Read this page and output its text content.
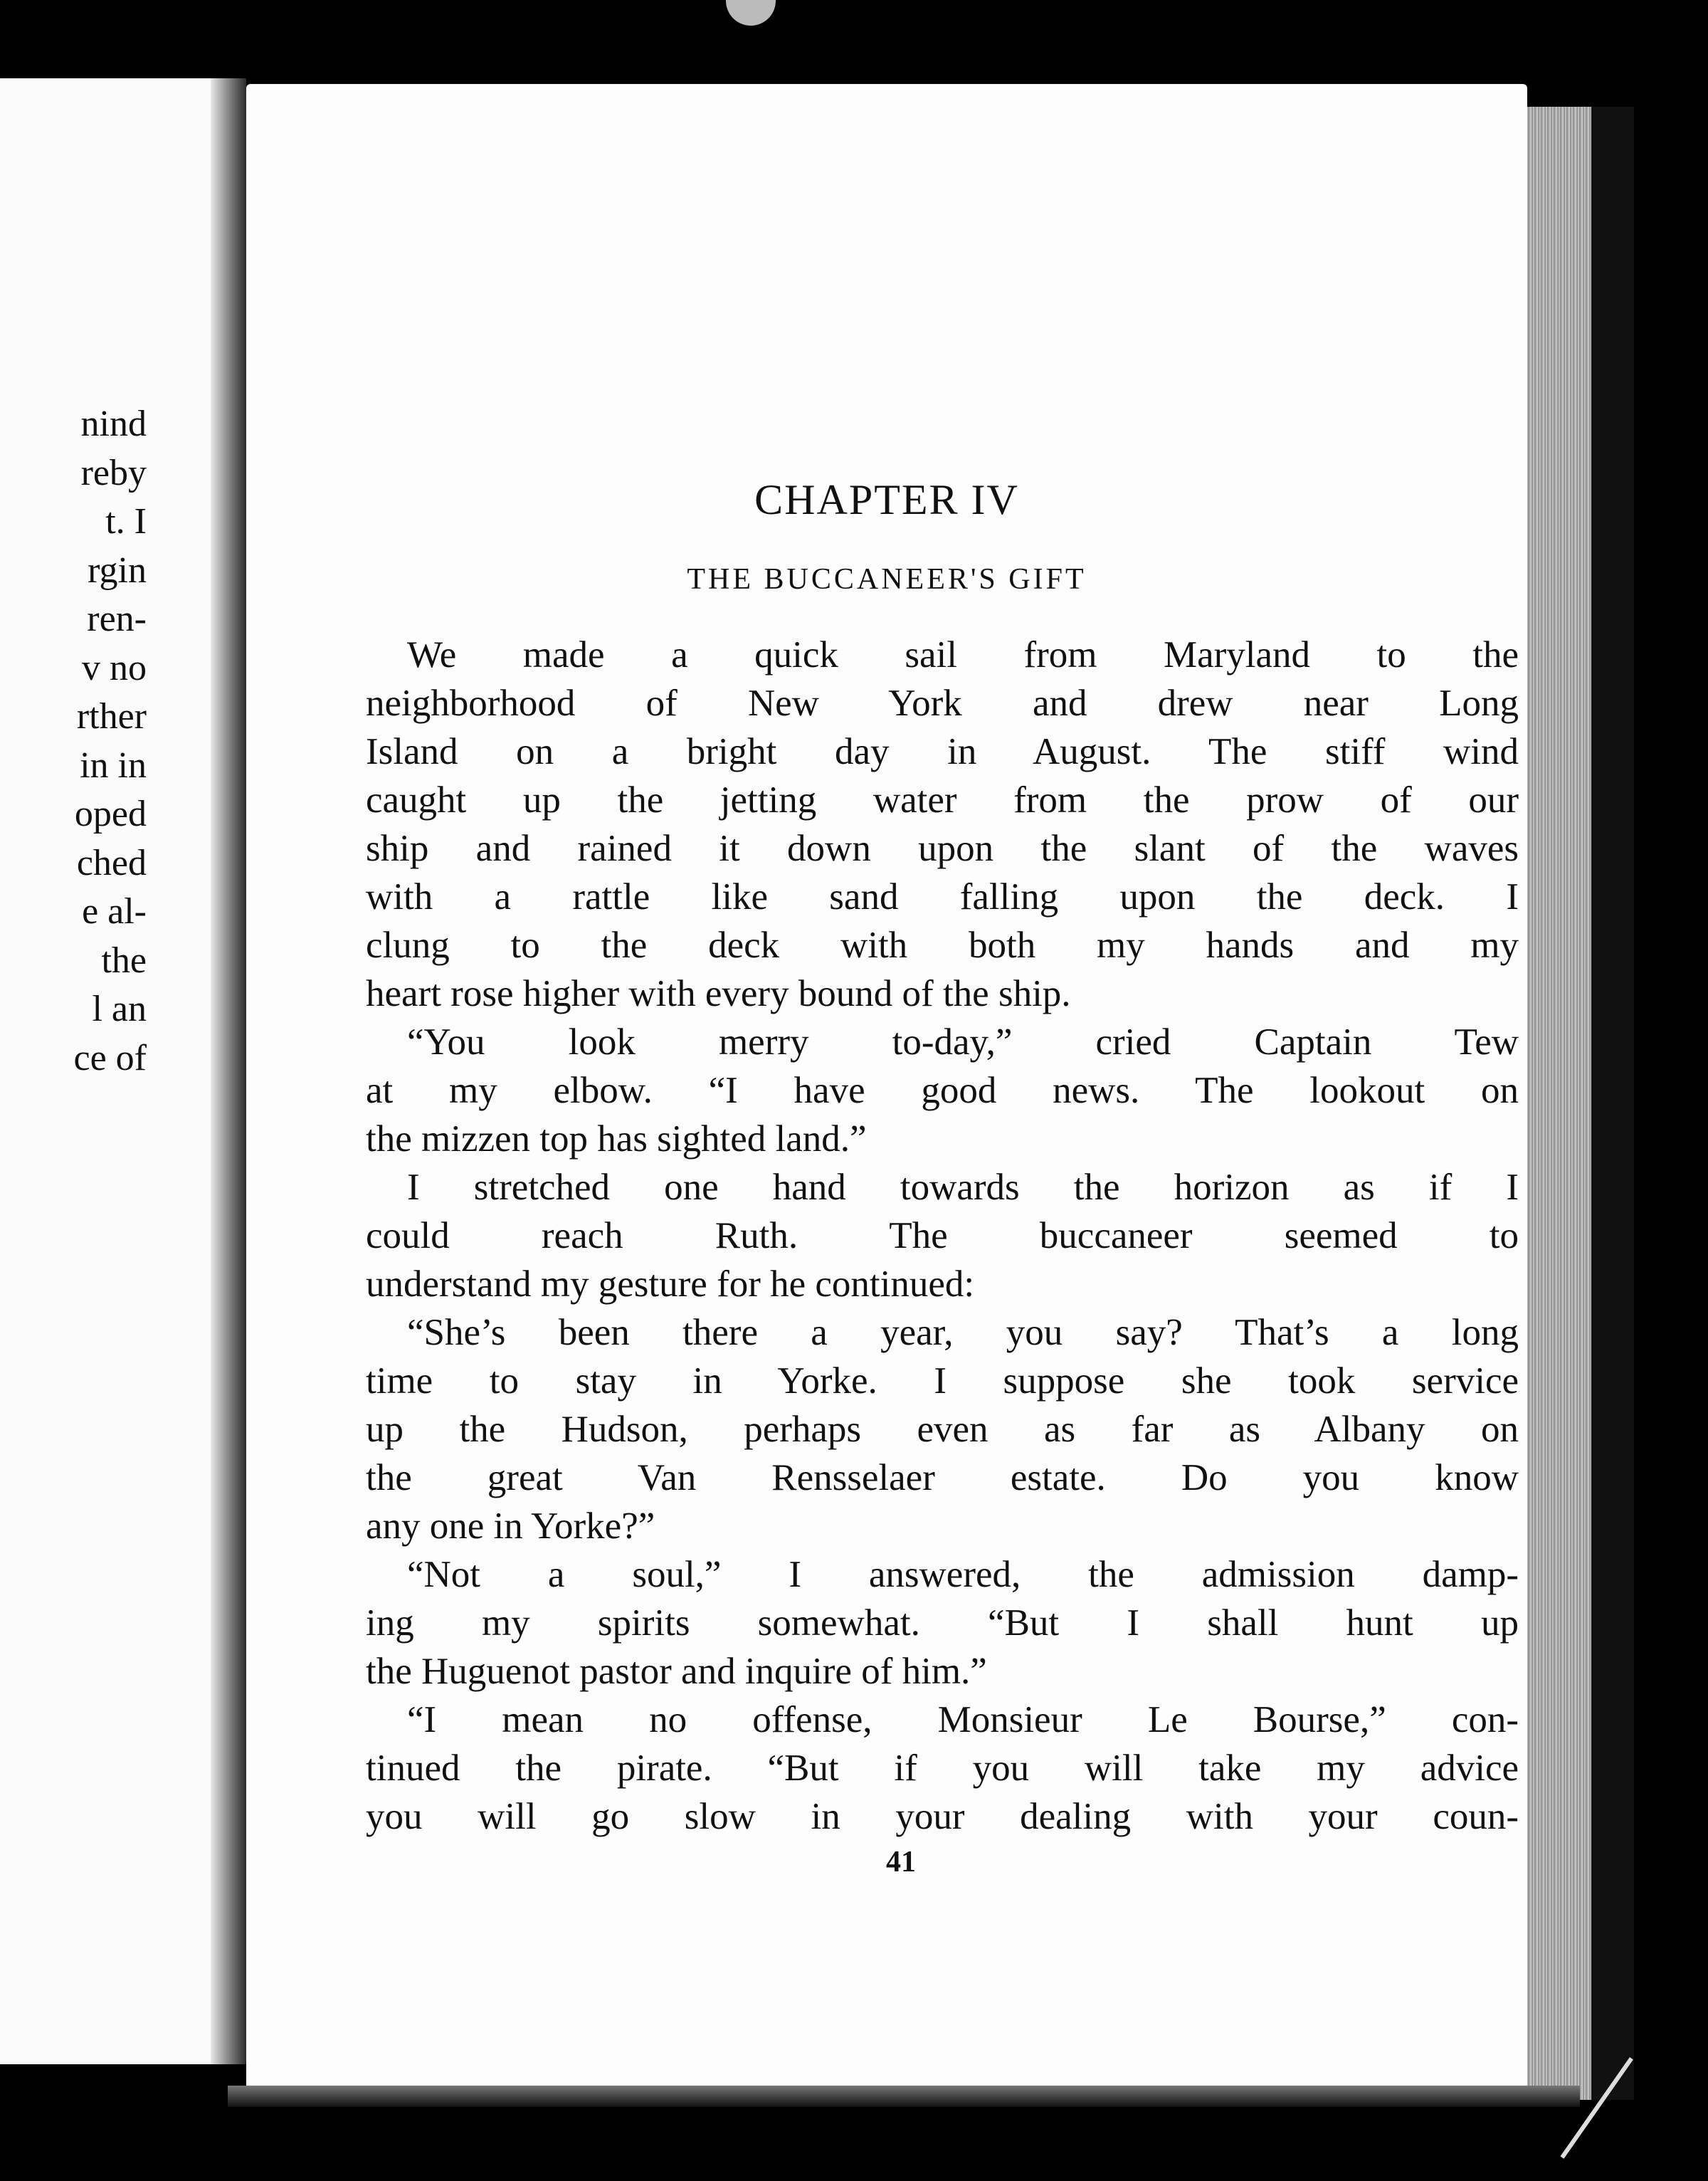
nind
reby
t. I
rgin
ren-
v no
rther
in in
oped
ched
e al-
the
l an
ce of
CHAPTER IV
THE BUCCANEER'S GIFT
We made a quick sail from Maryland to the
neighborhood of New York and drew near Long
Island on a bright day in August. The stiff wind
caught up the jetting water from the prow of our
ship and rained it down upon the slant of the waves
with a rattle like sand falling upon the deck. I
clung to the deck with both my hands and my
heart rose higher with every bound of the ship.
“You look merry to-day,” cried Captain Tew
at my elbow. “I have good news. The lookout on
the mizzen top has sighted land.”
I stretched one hand towards the horizon as if I
could reach Ruth. The buccaneer seemed to
understand my gesture for he continued:
“She’s been there a year, you say? That’s a long
time to stay in Yorke. I suppose she took service
up the Hudson, perhaps even as far as Albany on
the great Van Rensselaer estate. Do you know
any one in Yorke?”
“Not a soul,” I answered, the admission damp-
ing my spirits somewhat. “But I shall hunt up
the Huguenot pastor and inquire of him.”
“I mean no offense, Monsieur Le Bourse,” con-
tinued the pirate. “But if you will take my advice
you will go slow in your dealing with your coun-
41
